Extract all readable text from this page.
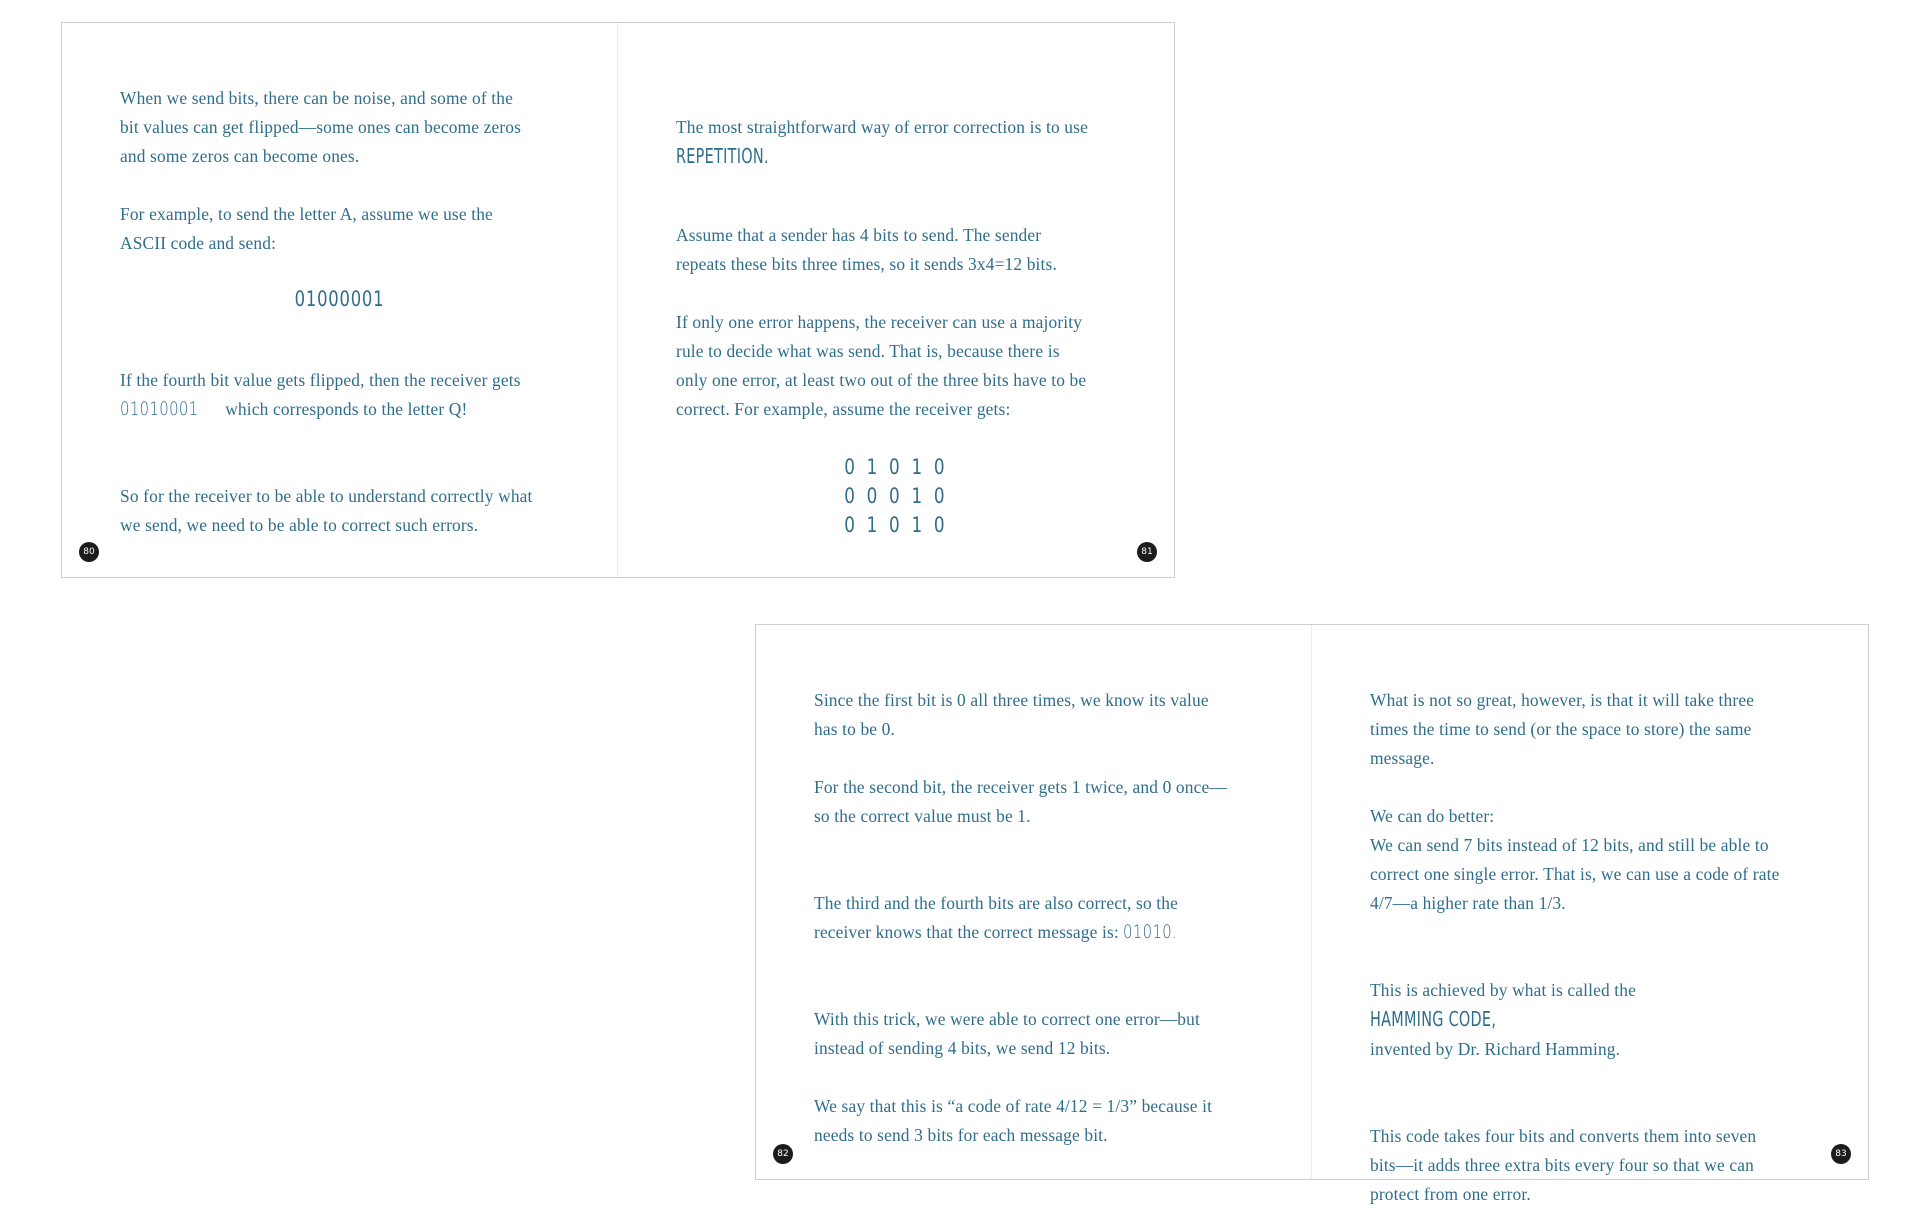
When we send bits, there can be noise, and some of the
bit values can get flipped—some ones can become zeros
and some zeros can become ones.

For example, to send the letter A, assume we use the
ASCII code and send:

01000001

If the fourth bit value gets flipped, then the receiver gets
01010001 which corresponds to the letter Q!

So for the receiver to be able to understand correctly what
we send, we need to be able to correct such errors.

80

The most straightforward way of error correction is to use
REPETITION.

Assume that a sender has 4 bits to send. The sender
repeats these bits three times, so it sends 3x4=12 bits.

If only one error happens, the receiver can use a majority
rule to decide what was send. That is, because there is
only one error, at least two out of the three bits have to be
correct. For example, assume the receiver gets:

0 1 0 1 0
0 0 0 1 0
0 1 0 1 0
81

Since the first bit is 0 all three times, we know its value
has to be 0.

For the second bit, the receiver gets 1 twice, and 0 once—
so the correct value must be 1.

The third and the fourth bits are also correct, so the
receiver knows that the correct message is: 01010.

With this trick, we were able to correct one error—but
instead of sending 4 bits, we send 12 bits.

We say that this is “a code of rate 4/12 = 1/3” because it
needs to send 3 bits for each message bit.

82

What is not so great, however, is that it will take three
times the time to send (or the space to store) the same
message.

We can do better:
We can send 7 bits instead of 12 bits, and still be able to
correct one single error. That is, we can use a code of rate
4/7—a higher rate than 1/3.

This is achieved by what is called the HAMMING CODE,
invented by Dr. Richard Hamming.

This code takes four bits and converts them into seven
bits—it adds three extra bits every four so that we can
protect from one error.

83
